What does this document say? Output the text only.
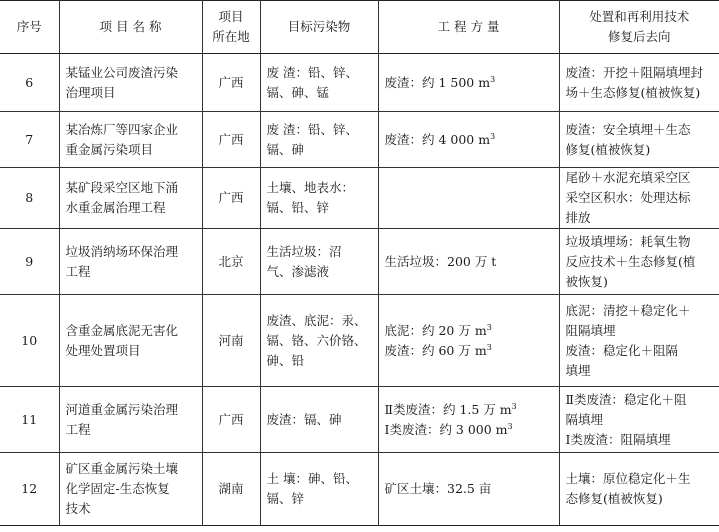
序号	项 目 名 称	项目
所在地	目标污染物	工 程 方 量	处置和再利用技术
修复后去向

6	某锰业公司废渣污染
治理项目	广西	废 渣：铅、锌、
镉、砷、锰	废渣：约 1 500 $m^3$	废渣：开挖＋阻隔填埋封
场＋生态修复(植被恢复)

7	某冶炼厂等四家企业
重金属污染项目	广西	废 渣：铅、锌、
镉、砷	废渣：约 4 000 $m^3$	废渣：安全填埋＋生态
修复(植被恢复)

8	某矿段采空区地下涌
水重金属治理工程	广西	土壤、地表水：
镉、铅、锌		尾砂＋水泥充填采空区
采空区积水：处理达标
排放

9	垃圾消纳场环保治理
工程	北京	生活垃圾：沼
气、渗滤液	生活垃圾：200 万 t	垃圾填埋场：耗氧生物
反应技术＋生态修复(植
被恢复)

10	含重金属底泥无害化
处理处置项目	河南	废渣、底泥：汞、
镉、铬、六价铬、
砷、铅	底泥：约 20 万 $m^3$
废渣：约 60 万 $m^3$	底泥：清挖＋稳定化＋
阻隔填埋
废渣：稳定化＋阻隔
填埋

11	河道重金属污染治理
工程	广西	废渣：镉、砷	Ⅱ类废渣：约 1.5 万 $m^3$
Ⅰ类废渣：约 3 000 $m^3$	Ⅱ类废渣：稳定化＋阻
隔填埋
Ⅰ类废渣：阻隔填埋

12	矿区重金属污染土壤
化学固定-生态恢复
技术	湖南	土 壤：砷、铅、
镉、锌	矿区土壤：32.5 亩	土壤：原位稳定化＋生
态修复(植被恢复)
